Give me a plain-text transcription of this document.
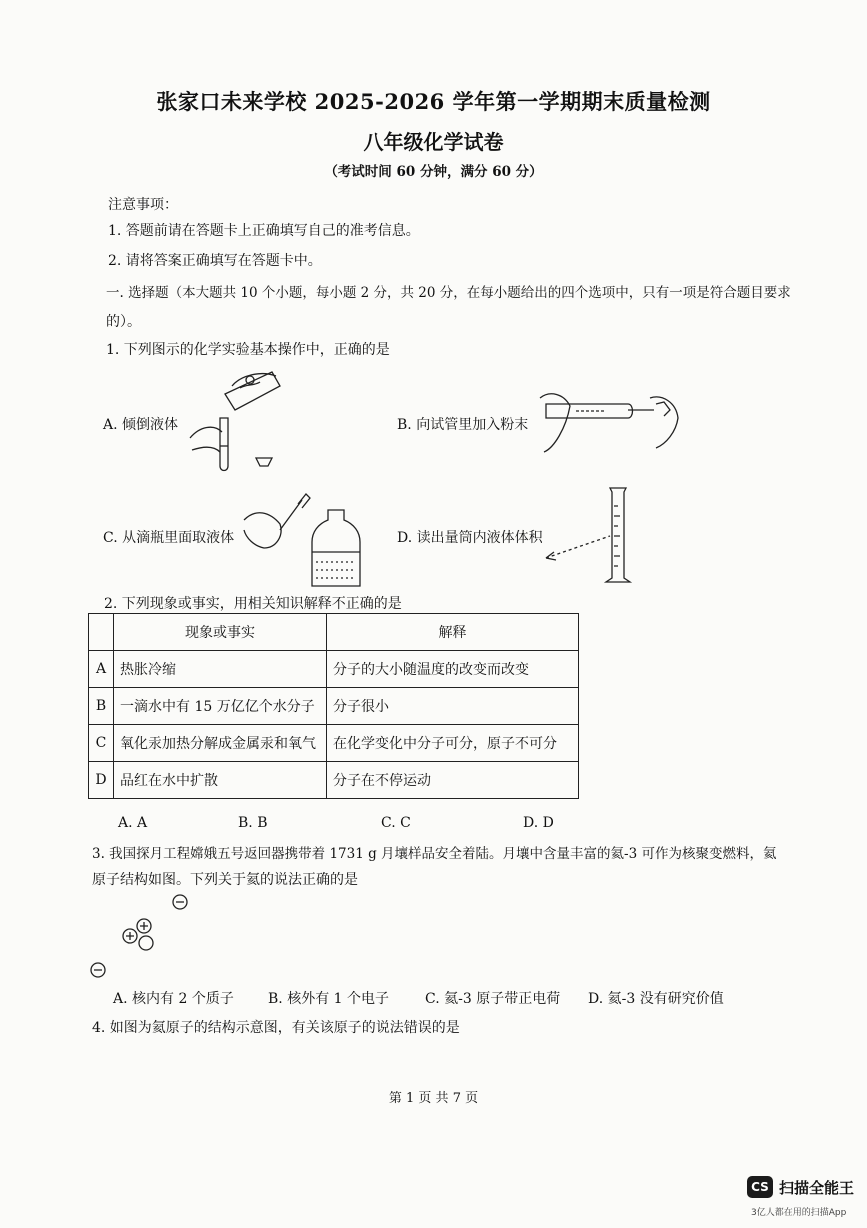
张家口未来学校 2025-2026 学年第一学期期末质量检测
八年级化学试卷
（考试时间 60 分钟，满分 60 分）
注意事项：
1. 答题前请在答题卡上正确填写自己的准考信息。
2. 请将答案正确填写在答题卡中。
一. 选择题（本大题共 10 个小题，每小题 2 分，共 20 分，在每小题给出的四个选项中，只有一项是符合题目要求
的）。
1. 下列图示的化学实验基本操作中，正确的是
A. 倾倒液体	B. 向试管里加入粉末
C. 从滴瓶里面取液体	D. 读出量筒内液体体积
2. 下列现象或事实，用相关知识解释不正确的是
	现象或事实	解释
A	热胀冷缩	分子的大小随温度的改变而改变
B	一滴水中有 15 万亿亿个水分子	分子很小
C	氧化汞加热分解成金属汞和氧气	在化学变化中分子可分，原子不可分
D	品红在水中扩散	分子在不停运动
A. A	B. B	C. C	D. D
3. 我国探月工程嫦娥五号返回器携带着 1731 g 月壤样品安全着陆。月壤中含量丰富的氦-3 可作为核聚变燃料，氦
原子结构如图。下列关于氦的说法正确的是
A. 核内有 2 个质子 B. 核外有 1 个电子	C. 氦-3 原子带正电荷 D. 氦-3 没有研究价值
4. 如图为氦原子的结构示意图，有关该原子的说法错误的是
第 1 页 共 7 页
CS 扫描全能王
3亿人都在用的扫描App
